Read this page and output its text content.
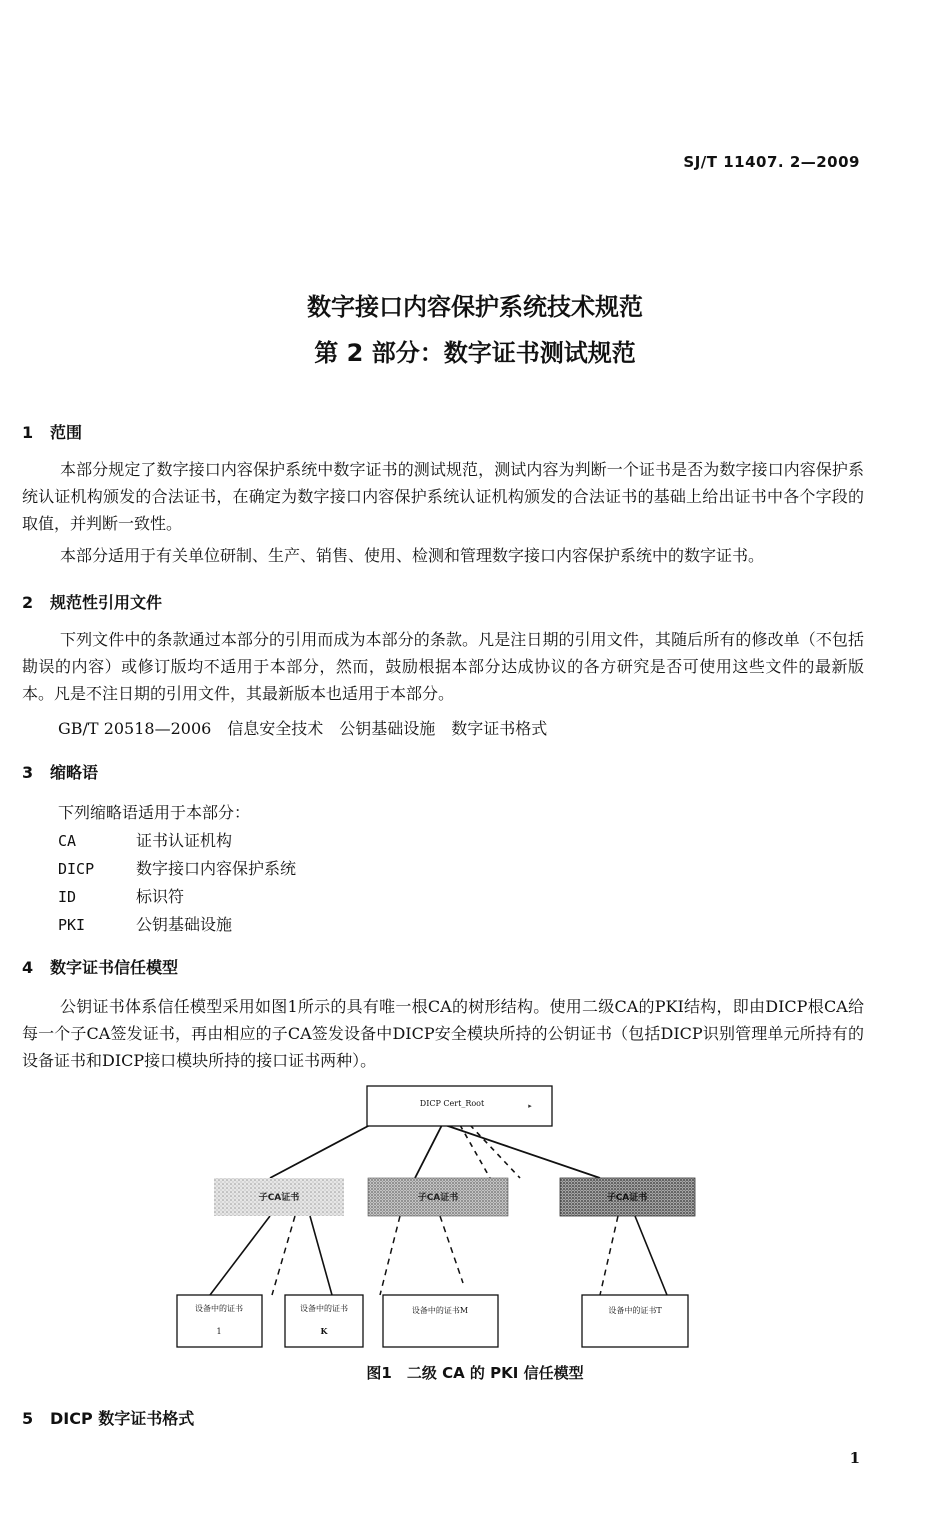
SJ/T 11407. 2—2009
数字接口内容保护系统技术规范
第 2 部分：数字证书测试规范
1 范围
本部分规定了数字接口内容保护系统中数字证书的测试规范，测试内容为判断一个证书是否为数字接口内容保护系统认证机构颁发的合法证书，在确定为数字接口内容保护系统认证机构颁发的合法证书的基础上给出证书中各个字段的取值，并判断一致性。
本部分适用于有关单位研制、生产、销售、使用、检测和管理数字接口内容保护系统中的数字证书。
2 规范性引用文件
下列文件中的条款通过本部分的引用而成为本部分的条款。凡是注日期的引用文件，其随后所有的修改单（不包括勘误的内容）或修订版均不适用于本部分，然而，鼓励根据本部分达成协议的各方研究是否可使用这些文件的最新版本。凡是不注日期的引用文件，其最新版本也适用于本部分。
GB/T 20518—2006　信息安全技术　公钥基础设施　数字证书格式
3 缩略语
下列缩略语适用于本部分：
CA	证书认证机构
DICP	数字接口内容保护系统
ID	标识符
PKI	公钥基础设施
4 数字证书信任模型
公钥证书体系信任模型采用如图1所示的具有唯一根CA的树形结构。使用二级CA的PKI结构，即由DICP根CA给每一个子CA签发证书，再由相应的子CA签发设备中DICP安全模块所持的公钥证书（包括DICP识别管理单元所持有的设备证书和DICP接口模块所持的接口证书两种）。
DICP Cert_Root	▸
子CA证书	子CA证书	子CA证书
设备中的证书
1
设备中的证书
K
设备中的证书M	设备中的证书T
图1　二级 CA 的 PKI 信任模型
5 DICP 数字证书格式
1
